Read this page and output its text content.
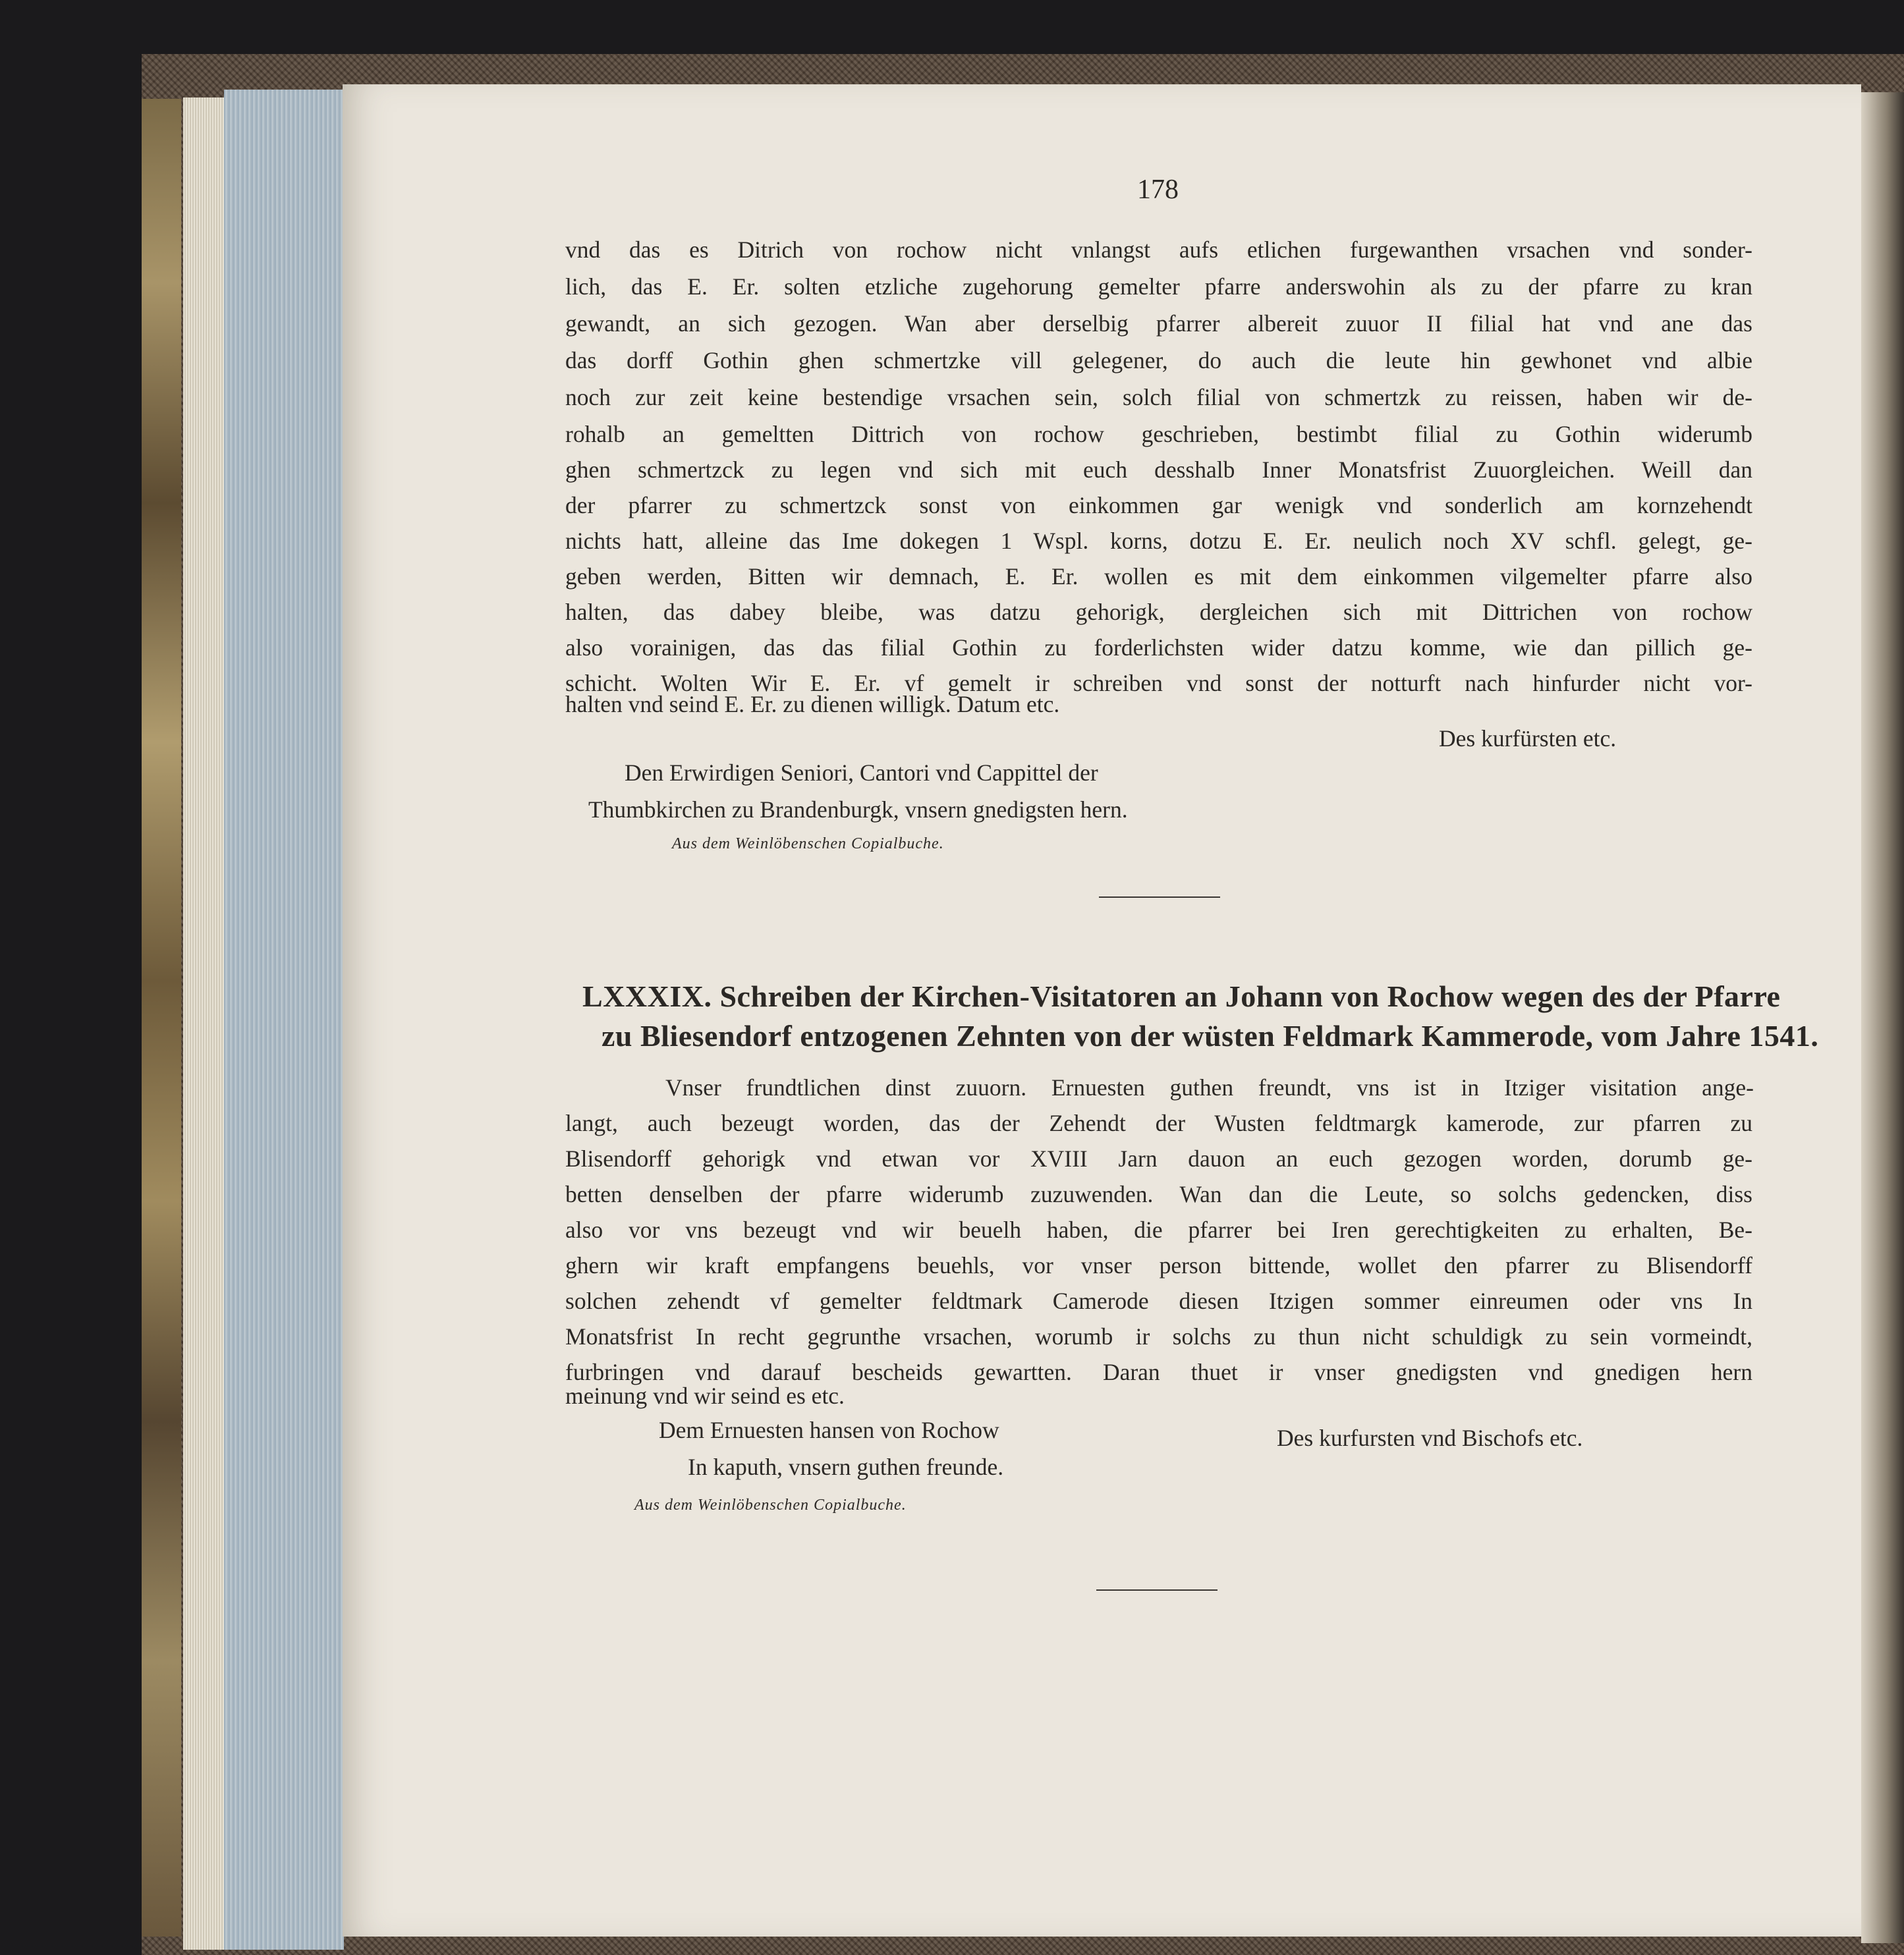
178
vnd das es Ditrich von rochow nicht vnlangst aufs etlichen furgewanthen vrsachen vnd sonder-
lich, das E. Er. solten etzliche zugehorung gemelter pfarre anderswohin als zu der pfarre zu kran
gewandt, an sich gezogen. Wan aber derselbig pfarrer albereit zuuor II filial hat vnd ane das
das dorff Gothin ghen schmertzke vill gelegener, do auch die leute hin gewhonet vnd albie
noch zur zeit keine bestendige vrsachen sein, solch filial von schmertzk zu reissen, haben wir de-
rohalb an gemeltten Dittrich von rochow geschrieben, bestimbt filial zu Gothin widerumb
ghen schmertzck zu legen vnd sich mit euch desshalb Inner Monatsfrist Zuuorgleichen. Weill dan
der pfarrer zu schmertzck sonst von einkommen gar wenigk vnd sonderlich am kornzehendt
nichts hatt, alleine das Ime dokegen 1 Wspl. korns, dotzu E. Er. neulich noch XV schfl. gelegt, ge-
geben werden, Bitten wir demnach, E. Er. wollen es mit dem einkommen vilgemelter pfarre also
halten, das dabey bleibe, was datzu gehorigk, dergleichen sich mit Dittrichen von rochow
also vorainigen, das das filial Gothin zu forderlichsten wider datzu komme, wie dan pillich ge-
schicht. Wolten Wir E. Er. vf gemelt ir schreiben vnd sonst der notturft nach hinfurder nicht vor-
halten vnd seind E. Er. zu dienen willigk. Datum etc.
Des kurfürsten etc.
Den Erwirdigen Seniori, Cantori vnd Cappittel der
Thumbkirchen zu Brandenburgk, vnsern gnedigsten hern.
Aus dem Weinlöbenschen Copialbuche.
LXXXIX. Schreiben der Kirchen-Visitatoren an Johann von Rochow wegen des der Pfarre
zu Bliesendorf entzogenen Zehnten von der wüsten Feldmark Kammerode, vom Jahre 1541.
Vnser frundtlichen dinst zuuorn. Ernuesten guthen freundt, vns ist in Itziger visitation ange-
langt, auch bezeugt worden, das der Zehendt der Wusten feldtmargk kamerode, zur pfarren zu
Blisendorff gehorigk vnd etwan vor XVIII Jarn dauon an euch gezogen worden, dorumb ge-
betten denselben der pfarre widerumb zuzuwenden. Wan dan die Leute, so solchs gedencken, diss
also vor vns bezeugt vnd wir beuelh haben, die pfarrer bei Iren gerechtigkeiten zu erhalten, Be-
ghern wir kraft empfangens beuehls, vor vnser person bittende, wollet den pfarrer zu Blisendorff
solchen zehendt vf gemelter feldtmark Camerode diesen Itzigen sommer einreumen oder vns In
Monatsfrist In recht gegrunthe vrsachen, worumb ir solchs zu thun nicht schuldigk zu sein vormeindt,
furbringen vnd darauf bescheids gewartten. Daran thuet ir vnser gnedigsten vnd gnedigen hern
meinung vnd wir seind es etc.
Dem Ernuesten hansen von Rochow	Des kurfursten vnd Bischofs etc.
In kaputh, vnsern guthen freunde.
Aus dem Weinlöbenschen Copialbuche.
